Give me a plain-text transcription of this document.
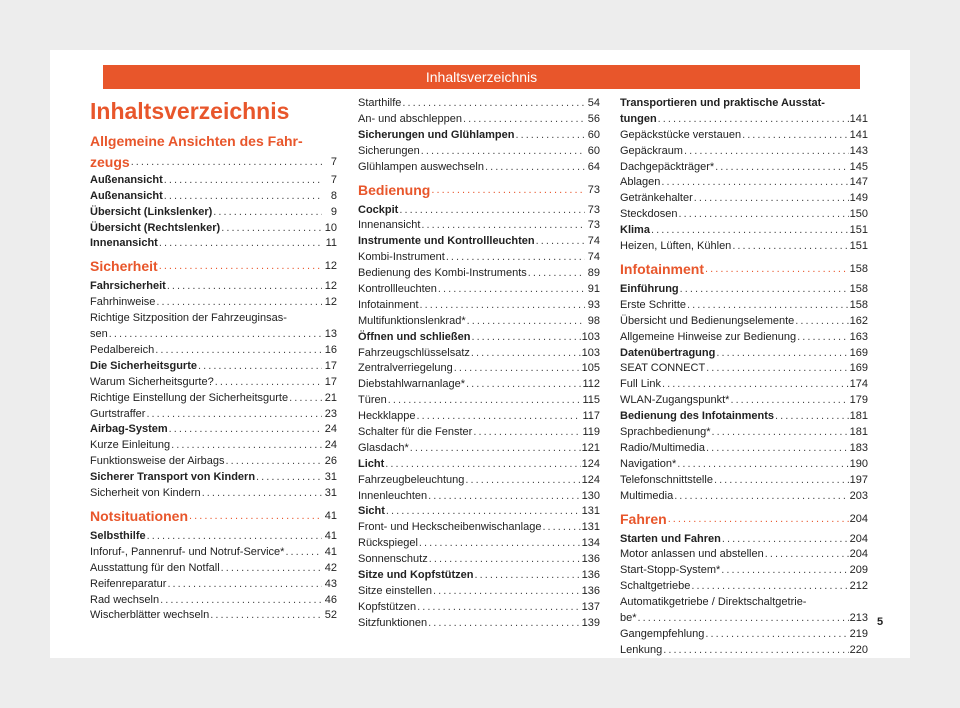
Inhaltsverzeichnis
Inhaltsverzeichnis
Allgemeine Ansichten des Fahr-
zeugs . . .	7
Außenansicht . . .	7
Außenansicht . . .	8
Übersicht (Linkslenker) . . .	9
Übersicht (Rechtslenker) . . .	10
Innenansicht . . .	11
Sicherheit . . .	12
Fahrsicherheit . . .	12
Fahrhinweise . . .	12
Richtige Sitzposition der Fahrzeuginsas-
sen . . .	13
Pedalbereich . . .	16
Die Sicherheitsgurte . . .	17
Warum Sicherheitsgurte? . . .	17
Richtige Einstellung der Sicherheitsgurte . . .	21
Gurtstraffer . . .	23
Airbag-System . . .	24
Kurze Einleitung . . .	24
Funktionsweise der Airbags . . .	26
Sicherer Transport von Kindern . . .	31
Sicherheit von Kindern . . .	31
Notsituationen . . .	41
Selbsthilfe . . .	41
Inforuf-, Pannenruf- und Notruf-Service* . . .	41
Ausstattung für den Notfall . . .	42
Reifenreparatur . . .	43
Rad wechseln . . .	46
Wischerblätter wechseln . . .	52
Starthilfe . . .	54
An- und abschleppen . . .	56
Sicherungen und Glühlampen . . .	60
Sicherungen . . .	60
Glühlampen auswechseln . . .	64
Bedienung . . .	73
Cockpit . . .	73
Innenansicht . . .	73
Instrumente und Kontrollleuchten . . .	74
Kombi-Instrument . . .	74
Bedienung des Kombi-Instruments . . .	89
Kontrollleuchten . . .	91
Infotainment . . .	93
Multifunktionslenkrad* . . .	98
Öffnen und schließen . . .	103
Fahrzeugschlüsselsatz . . .	103
Zentralverriegelung . . .	105
Diebstahlwarnanlage* . . .	112
Türen . . .	115
Heckklappe . . .	117
Schalter für die Fenster . . .	119
Glasdach* . . .	121
Licht . . .	124
Fahrzeugbeleuchtung . . .	124
Innenleuchten . . .	130
Sicht . . .	131
Front- und Heckscheibenwischanlage . . .	131
Rückspiegel . . .	134
Sonnenschutz . . .	136
Sitze und Kopfstützen . . .	136
Sitze einstellen . . .	136
Kopfstützen . . .	137
Sitzfunktionen . . .	139
Transportieren und praktische Ausstat-
tungen . . .	141
Gepäckstücke verstauen . . .	141
Gepäckraum . . .	143
Dachgepäckträger* . . .	145
Ablagen . . .	147
Getränkehalter . . .	149
Steckdosen . . .	150
Klima . . .	151
Heizen, Lüften, Kühlen . . .	151
Infotainment . . .	158
Einführung . . .	158
Erste Schritte . . .	158
Übersicht und Bedienungselemente . . .	162
Allgemeine Hinweise zur Bedienung . . .	163
Datenübertragung . . .	169
SEAT CONNECT . . .	169
Full Link . . .	174
WLAN-Zugangspunkt* . . .	179
Bedienung des Infotainments . . .	181
Sprachbedienung* . . .	181
Radio/Multimedia . . .	183
Navigation* . . .	190
Telefonschnittstelle . . .	197
Multimedia . . .	203
Fahren . . .	204
Starten und Fahren . . .	204
Motor anlassen und abstellen . . .	204
Start-Stopp-System* . . .	209
Schaltgetriebe . . .	212
Automatikgetriebe / Direktschaltgetrie-
be* . . .	213
Gangempfehlung . . .	219
Lenkung . . .	220
5
